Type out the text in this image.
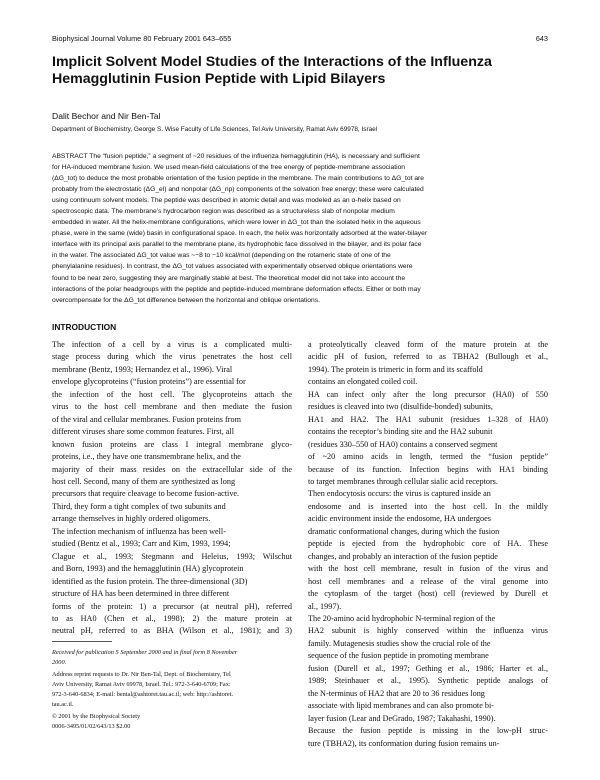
Biophysical Journal Volume 80 February 2001 643–655	643
Implicit Solvent Model Studies of the Interactions of the Influenza
Hemagglutinin Fusion Peptide with Lipid Bilayers
Dalit Bechor and Nir Ben-Tal
Department of Biochemistry, George S. Wise Faculty of Life Sciences, Tel Aviv University, Ramat Aviv 69978, Israel
ABSTRACT The “fusion peptide,” a segment of ~20 residues of the influenza hemagglutinin (HA), is necessary and sufficient
for HA-induced membrane fusion. We used mean-field calculations of the free energy of peptide-membrane association
(ΔG_tot) to deduce the most probable orientation of the fusion peptide in the membrane. The main contributions to ΔG_tot are
probably from the electrostatic (ΔG_el) and nonpolar (ΔG_np) components of the solvation free energy; these were calculated
using continuum solvent models. The peptide was described in atomic detail and was modeled as an α-helix based on
spectroscopic data. The membrane’s hydrocarbon region was described as a structureless slab of nonpolar medium
embedded in water. All the helix-membrane configurations, which were lower in ΔG_tot than the isolated helix in the aqueous
phase, were in the same (wide) basin in configurational space. In each, the helix was horizontally adsorbed at the water-bilayer
interface with its principal axis parallel to the membrane plane, its hydrophobic face dissolved in the bilayer, and its polar face
in the water. The associated ΔG_tot value was ~−8 to −10 kcal/mol (depending on the rotameric state of one of the
phenylalanine residues). In contrast, the ΔG_tot values associated with experimentally observed oblique orientations were
found to be near zero, suggesting they are marginally stable at best. The theoretical model did not take into account the
interactions of the polar headgroups with the peptide and peptide-induced membrane deformation effects. Either or both may
overcompensate for the ΔG_tot difference between the horizontal and oblique orientations.
INTRODUCTION
The infection of a cell by a virus is a complicated multi-
stage process during which the virus penetrates the host cell
membrane (Bentz, 1993; Hernandez et al., 1996). Viral
envelope glycoproteins (“fusion proteins”) are essential for
the infection of the host cell. The glycoproteins attach the
virus to the host cell membrane and then mediate the fusion
of the viral and cellular membranes. Fusion proteins from
different viruses share some common features. First, all
known fusion proteins are class I integral membrane glyco-
proteins, i.e., they have one transmembrane helix, and the
majority of their mass resides on the extracellular side of the
host cell. Second, many of them are synthesized as long
precursors that require cleavage to become fusion-active.
Third, they form a tight complex of two subunits and
arrange themselves in highly ordered oligomers.
The infection mechanism of influenza has been well-
studied (Bentz et al., 1993; Carr and Kim, 1993, 1994;
Clague et al., 1993; Stegmann and Heleius, 1993; Wilschut
and Born, 1993) and the hemagglutinin (HA) glycoprotein
identified as the fusion protein. The three-dimensional (3D)
structure of HA has been determined in three different
forms of the protein: 1) a precursor (at neutral pH), referred
to as HA0 (Chen et al., 1998); 2) the mature protein at
neutral pH, referred to as BHA (Wilson et al., 1981); and 3)
a proteolytically cleaved form of the mature protein at the
acidic pH of fusion, referred to as TBHA2 (Bullough et al.,
1994). The protein is trimeric in form and its scaffold
contains an elongated coiled coil.
HA can infect only after the long precursor (HA0) of 550
residues is cleaved into two (disulfide-bonded) subunits,
HA1 and HA2. The HA1 subunit (residues 1–328 of HA0)
contains the receptor’s binding site and the HA2 subunit
(residues 330–550 of HA0) contains a conserved segment
of ~20 amino acids in length, termed the “fusion peptide”
because of its function. Infection begins with HA1 binding
to target membranes through cellular sialic acid receptors.
Then endocytosis occurs: the virus is captured inside an
endosome and is inserted into the host cell. In the mildly
acidic environment inside the endosome, HA undergoes
dramatic conformational changes, during which the fusion
peptide is ejected from the hydrophobic core of HA. These
changes, and probably an interaction of the fusion peptide
with the host cell membrane, result in fusion of the virus and
host cell membranes and a release of the viral genome into
the cytoplasm of the target (host) cell (reviewed by Durell et
al., 1997).
The 20-amino acid hydrophobic N-terminal region of the
HA2 subunit is highly conserved within the influenza virus
family. Mutagenesis studies show the crucial role of the
sequence of the fusion peptide in promoting membrane
fusion (Durell et al., 1997; Gething et al., 1986; Harter et al.,
1989; Steinhauer et al., 1995). Synthetic peptide analogs of
the N-terminus of HA2 that are 20 to 36 residues long
associate with lipid membranes and can also promote bi-
layer fusion (Lear and DeGrado, 1987; Takahashi, 1990).
Because the fusion peptide is missing in the low-pH struc-
ture (TBHA2), its conformation during fusion remains un-
Received for publication 5 September 2000 and in final form 8 November
2000.
Address reprint requests to Dr. Nir Ben-Tal, Dept. of Biochemistry, Tel
Aviv University, Ramat Aviv 69978, Israel. Tel.: 972-3-640-6709; Fax:
972-3-640-6834; E-mail: bental@ashtoret.tau.ac.il; web: http://ashtoret.
tau.ac.il.
© 2001 by the Biophysical Society
0006-3495/01/02/643/13 $2.00
